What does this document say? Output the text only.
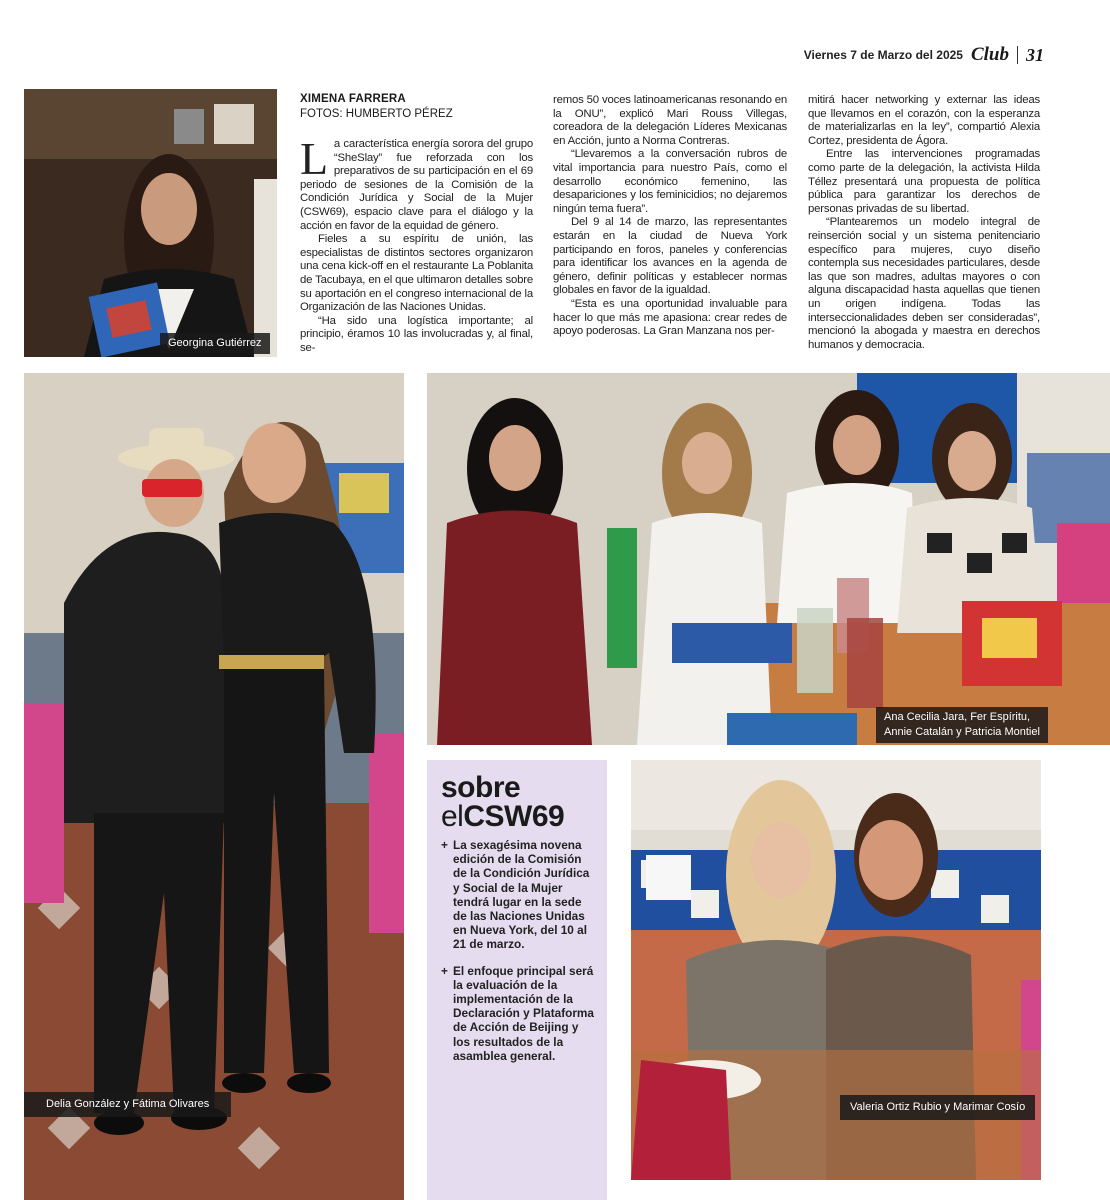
Viernes 7 de Marzo del 2025 Club 31
Georgina Gutiérrez
XIMENA FARRERA
FOTOS: HUMBERTO PÉREZ

La característica energía sorora del grupo “SheSlay” fue reforzada con los preparativos de su participación en el 69 periodo de sesiones de la Comisión de la Condición Jurídica y Social de la Mujer (CSW69), espacio clave para el diálogo y la acción en favor de la equidad de género.

Fieles a su espíritu de unión, las especialistas de distintos sectores organizaron una cena kick-off en el restaurante La Poblanita de Tacubaya, en el que ultimaron detalles sobre su aportación en el congreso internacional de la Organización de las Naciones Unidas.

“Ha sido una logística importante; al principio, éramos 10 las involucradas y, al final, se-

remos 50 voces latinoamericanas resonando en la ONU”, explicó Mari Rouss Villegas, coreadora de la delegación Líderes Mexicanas en Acción, junto a Norma Contreras.

“Llevaremos a la conversación rubros de vital importancia para nuestro País, como el desarrollo económico femenino, las desapariciones y los feminicidios; no dejaremos ningún tema fuera”.

Del 9 al 14 de marzo, las representantes estarán en la ciudad de Nueva York participando en foros, paneles y conferencias para identificar los avances en la agenda de género, definir políticas y establecer normas globales en favor de la igualdad.

“Esta es una oportunidad invaluable para hacer lo que más me apasiona: crear redes de apoyo poderosas. La Gran Manzana nos per-

mitirá hacer networking y externar las ideas que llevamos en el corazón, con la esperanza de materializarlas en la ley”, compartió Alexia Cortez, presidenta de Ágora.

Entre las intervenciones programadas como parte de la delegación, la activista Hilda Téllez presentará una propuesta de política pública para garantizar los derechos de personas privadas de su libertad.

“Plantearemos un modelo integral de reinserción social y un sistema penitenciario específico para mujeres, cuyo diseño contempla sus necesidades particulares, desde las que son madres, adultas mayores o con alguna discapacidad hasta aquellas que tienen un origen indígena. Todas las interseccionalidades deben ser consideradas”, mencionó la abogada y maestra en derechos humanos y democracia.

Delia González y Fátima Olivares
Ana Cecilia Jara, Fer Espíritu,
Annie Catalán y Patricia Montiel
sobre
elCSW69
+ La sexagésima novena edición de la Comisión de la Condición Jurídica y Social de la Mujer tendrá lugar en la sede de las Naciones Unidas en Nueva York, del 10 al 21 de marzo.
+ El enfoque principal será la evaluación de la implementación de la Declaración y Plataforma de Acción de Beijing y los resultados de la asamblea general.
Valeria Ortiz Rubio y Marimar Cosío
